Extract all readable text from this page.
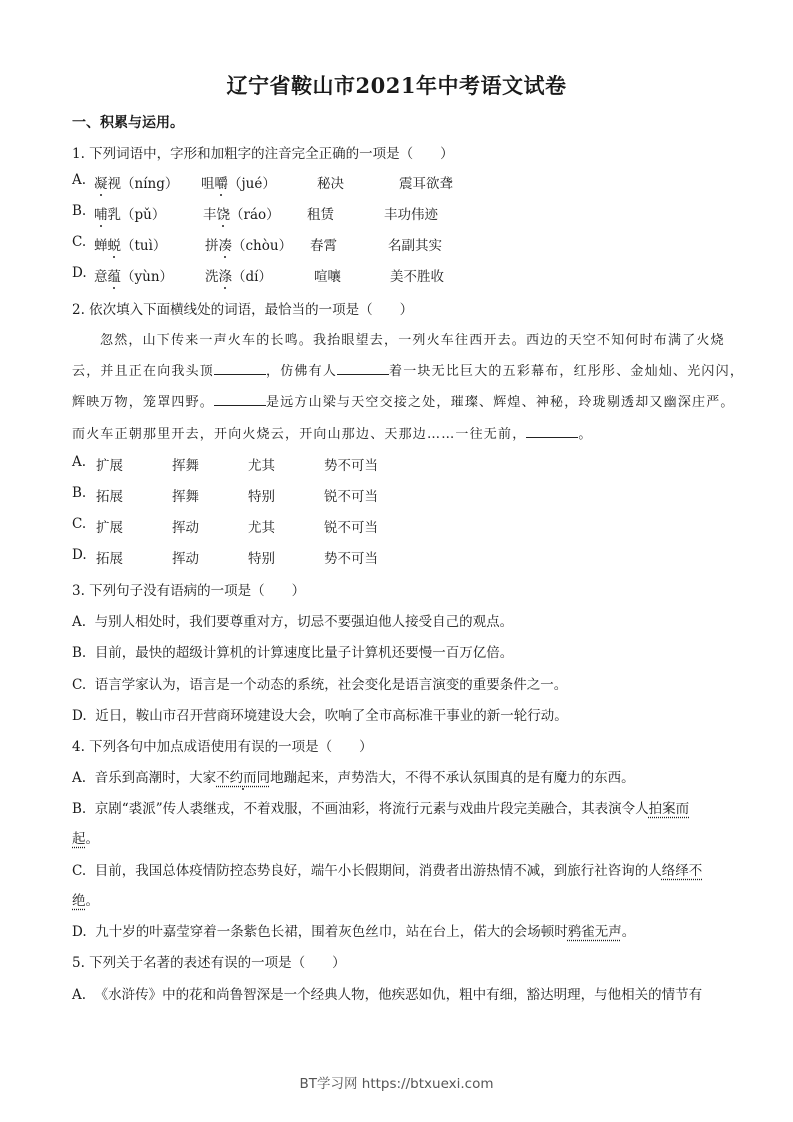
辽宁省鞍山市2021年中考语文试卷
一、积累与运用。
1. 下列词语中，字形和加粗字的注音完全正确的一项是（　　）
A. 凝视（níng） 咀嚼（jué）	秘决	震耳欲聋
B. 哺乳（pǔ）	丰饶（ráo） 租赁	丰功伟迹
C. 蝉蜕（tuì）	拼凑（chòu） 春霄	名副其实
D. 意蕴（yùn） 洗涤（dí）	喧嚷	美不胜收
2. 依次填入下面横线处的词语，最恰当的一项是（　　）
忽然，山下传来一声火车的长鸣。我抬眼望去，一列火车往西开去。西边的天空不知何时布满了火烧
云，并且正在向我头顶	，仿佛有人	着一块无比巨大的五彩幕布，红彤彤、金灿灿、光闪闪，
辉映万物，笼罩四野。	是远方山梁与天空交接之处，璀璨、辉煌、神秘，玲珑剔透却又幽深庄严。
而火车正朝那里开去，开向火烧云，开向山那边、天那边……一往无前，	。
A. 扩展	挥舞	尤其	势不可当
B. 拓展	挥舞	特别	锐不可当
C. 扩展	挥动	尤其	锐不可当
D. 拓展	挥动	特别	势不可当
3. 下列句子没有语病的一项是（　　）
A. 与别人相处时，我们要尊重对方，切忌不要强迫他人接受自己的观点。
B. 目前，最快的超级计算机的计算速度比量子计算机还要慢一百万亿倍。
C. 语言学家认为，语言是一个动态的系统，社会变化是语言演变的重要条件之一。
D. 近日，鞍山市召开营商环境建设大会，吹响了全市高标准干事业的新一轮行动。
4. 下列各句中加点成语使用有误的一项是（　　）
A. 音乐到高潮时，大家不约而同地蹦起来，声势浩大，不得不承认氛围真的是有魔力的东西。
B. 京剧“裘派”传人裘继戎，不着戏服，不画油彩，将流行元素与戏曲片段完美融合，其表演令人拍案而
起。
C. 目前，我国总体疫情防控态势良好，端午小长假期间，消费者出游热情不减，到旅行社咨询的人络绎不
绝。
D. 九十岁的叶嘉莹穿着一条紫色长裙，围着灰色丝巾，站在台上，偌大的会场顿时鸦雀无声。
5. 下列关于名著的表述有误的一项是（　　）
A. 《水浒传》中的花和尚鲁智深是一个经典人物，他疾恶如仇，粗中有细，豁达明理，与他相关的情节有
BT学习网 https://btxuexi.com
